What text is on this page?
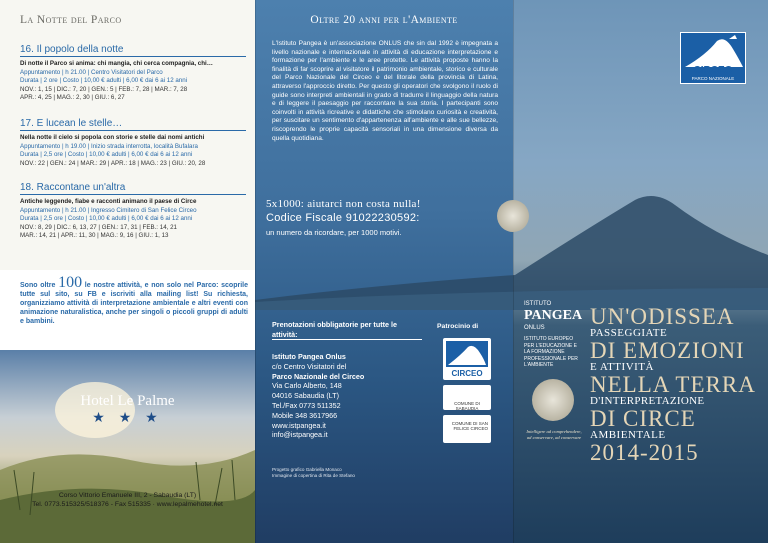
La Notte del Parco
16. Il popolo della notte
Di notte il Parco si anima: chi mangia, chi cerca compagnia, chi…
Appuntamento | h 21.00 | Centro Visitatori del Parco
Durata | 2 ore | Costo | 10,00 € adulti | 6,00 € dai 6 ai 12 anni
NOV.: 1, 15 | DIC.: 7, 20 | GEN.: 5 | FEB.: 7, 28 | MAR.: 7, 28
APR.: 4, 25 | MAG.: 2, 30 | GIU.: 6, 27
17. E lucean le stelle…
Nella notte il cielo si popola con storie e stelle dai nomi antichi
Appuntamento | h 19.00 | Inizio strada interrotta, località Bufalara
Durata | 2,5 ore | Costo | 10,00 € adulti | 6,00 € dai 6 ai 12 anni
NOV.: 22 | GEN.: 24 | MAR.: 29 | APR.: 18 | MAG.: 23 | GIU.: 20, 28
18. Raccontane un'altra
Antiche leggende, fiabe e racconti animano il paese di Circe
Appuntamento | h 21.00 | Ingresso Cimitero di San Felice Circeo
Durata | 2,5 ore | Costo | 10,00 € adulti | 6,00 € dai 6 ai 12 anni
NOV.: 8, 29 | DIC.: 6, 13, 27 | GEN.: 17, 31 | FEB.: 14, 21
MAR.: 14, 21 | APR.: 11, 30 | MAG.: 9, 16 | GIU.: 1, 13
Sono oltre 100 le nostre attività, e non solo nel Parco: scoprile tutte sul sito, su FB e iscriviti alla mailing list! Su richiesta, organizziamo attività di interpretazione ambientale e altri eventi con animazione naturalistica, anche per singoli o piccoli gruppi di adulti e bambini.
Hotel Le Palme
★ ★ ★
Corso Vittorio Emanuele III, 2 - Sabaudia (LT)
Tel. 0773.515325/518376 - Fax 515335 · www.lepalmehotel.net
Oltre 20 anni per l'Ambiente
L'Istituto Pangea è un'associazione ONLUS che sin dal 1992 è impegnata a livello nazionale e internazionale in attività di educazione interpretazione e formazione per l'ambiente e le aree protette. Le attività proposte hanno la finalità di far scoprire al visitatore il patrimonio ambientale, storico e culturale del Parco Nazionale del Circeo e del litorale della provincia di Latina, attraverso l'approccio diretto. Per questo gli operatori che svolgono il ruolo di guide sono interpreti ambientali in grado di tradurre il linguaggio della natura e di leggere il paesaggio per raccontare la sua storia. I partecipanti sono coinvolti in attività ricreative e didattiche che stimolano curiosità e creatività, per suscitare un sentimento d'appartenenza all'ambiente e alle sue bellezze, riscoprendo le proprie capacità sensoriali in una dimensione diversa da quella quotidiana.
5x1000: aiutarci non costa nulla!
Codice Fiscale 91022230592:
un numero da ricordare, per 1000 motivi.
Prenotazioni obbligatorie per tutte le attività:
Istituto Pangea Onlus
c/o Centro Visitatori del
Parco Nazionale del Circeo
Via Carlo Alberto, 148
04016 Sabaudia (LT)
Tel./Fax 0773 511352
Mobile 348 3617966
www.istpangea.it
info@istpangea.it
Progetto grafico Gabriella Monaco
Immagine di copertina di Rita de Stefano
Patrocinio di
CIRCEO
COMUNE DI SABAUDIA
COMUNE DI SAN FELICE CIRCEO
CIRCEO
PARCO NAZIONALE
ISTITUTO
PANGEA
ONLUS
ISTITUTO EUROPEO PER L'EDUCAZIONE E LA FORMAZIONE PROFESSIONALE PER L'AMBIENTE
Intelligere ad comprehendere, ad conservare, ad conservare
UN'ODISSEA
PASSEGGIATE
DI EMOZIONI
E ATTIVITÀ
NELLA TERRA
D'INTERPRETAZIONE
DI CIRCE
AMBIENTALE
2014-2015
